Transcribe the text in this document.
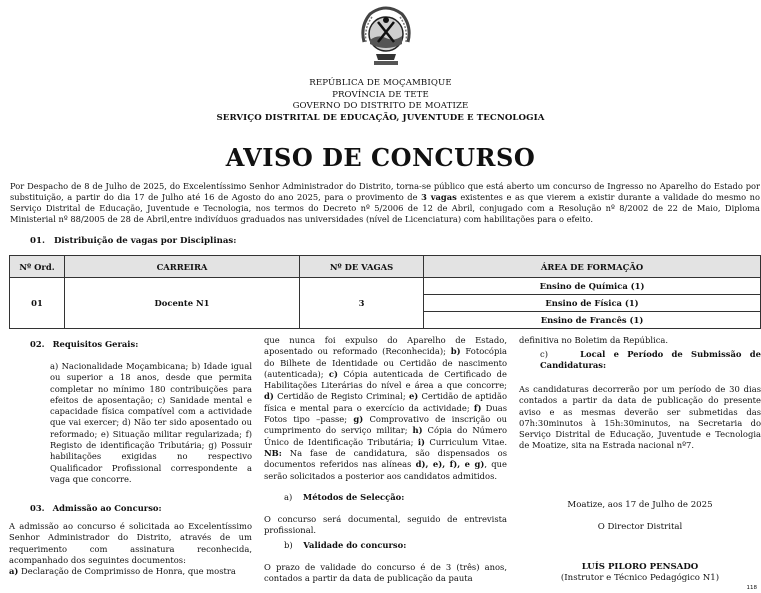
REPÚBLICA DE MOÇAMBIQUE
PROVÍNCIA DE TETE
GOVERNO DO DISTRITO DE MOATIZE
SERVIÇO DISTRITAL DE EDUCAÇÃO, JUVENTUDE E TECNOLOGIA
AVISO DE CONCURSO
Por Despacho de 8 de Julho de 2025, do Excelentíssimo Senhor Administrador do Distrito, torna-se público que está aberto um concurso de Ingresso no Aparelho do Estado por substituição, a partir do dia 17 de Julho até 16 de Agosto do ano 2025, para o provimento de 3 vagas existentes e as que vierem a existir durante a validade do mesmo no Serviço Distrital de Educação, Juventude e Tecnologia, nos termos do Decreto nº 5/2006 de 12 de Abril, conjugado com a Resolução nº 8/2002 de 22 de Maio, Diploma Ministerial nº 88/2005 de 28 de Abril,entre indivíduos graduados nas universidades (nível de Licenciatura) com habilitações para o efeito.
01. Distribuição de vagas por Disciplinas:
Nº Ord.	CARREIRA	Nº DE VAGAS	ÁREA DE FORMAÇÃO
01	Docente N1	3	Ensino de Química (1)
			Ensino de Física (1)
			Ensino de Francês (1)
02. Requisitos Gerais:
a) Nacionalidade Moçambicana; b) Idade igual ou superior a 18 anos, desde que permita completar no mínimo 180 contribuições para efeitos de aposentação; c) Sanidade mental e capacidade física compatível com a actividade que vai exercer; d) Não ter sido aposentado ou reformado; e) Situação militar regularizada; f) Registo de identificação Tributária; g) Possuir habilitações exigidas no respectivo Qualificador Profissional correspondente a vaga que concorre.
03. Admissão ao Concurso:
A admissão ao concurso é solicitada ao Excelentíssimo Senhor Administrador do Distrito, através de um requerimento com assinatura reconhecida, acompanhado dos seguintes documentos:
a) Declaração de Comprimisso de Honra, que mostra
que nunca foi expulso do Aparelho de Estado, aposentado ou reformado (Reconhecida); b) Fotocópia do Bilhete de Identidade ou Certidão de nascimento (autenticada); c) Cópia autenticada de Certificado de Habilitações Literárias do nível e área a que concorre; d) Certidão de Registo Criminal; e) Certidão de aptidão física e mental para o exercício da actividade; f) Duas Fotos tipo –passe; g) Comprovativo de inscrição ou cumprimento do serviço militar; h) Cópia do Número Único de Identificação Tributária; i) Curriculum Vitae. NB: Na fase de candidatura, são dispensados os documentos referidos nas alíneas d), e), f), e g), que serão solicitados a posterior aos candidatos admitidos.
a) Métodos de Selecção:
O concurso será documental, seguido de entrevista profissional.
b) Validade do concurso:
O prazo de validade do concurso é de 3 (três) anos, contados a partir da data de publicação da pauta
definitiva no Boletim da República.
c)	Local e Período de Submissão de Candidaturas:
As candidaturas decorrerão por um período de 30 dias contados a partir da data de publicação do presente aviso e as mesmas deverão ser submetidas das 07h:30minutos à 15h:30minutos, na Secretaria do Serviço Distrital de Educação, Juventude e Tecnologia de Moatize, sita na Estrada nacional nº7.
Moatize, aos 17 de Julho de 2025
O Director Distrital
LUÍS PILORO PENSADO
(Instrutor e Técnico Pedagógico N1)
118
